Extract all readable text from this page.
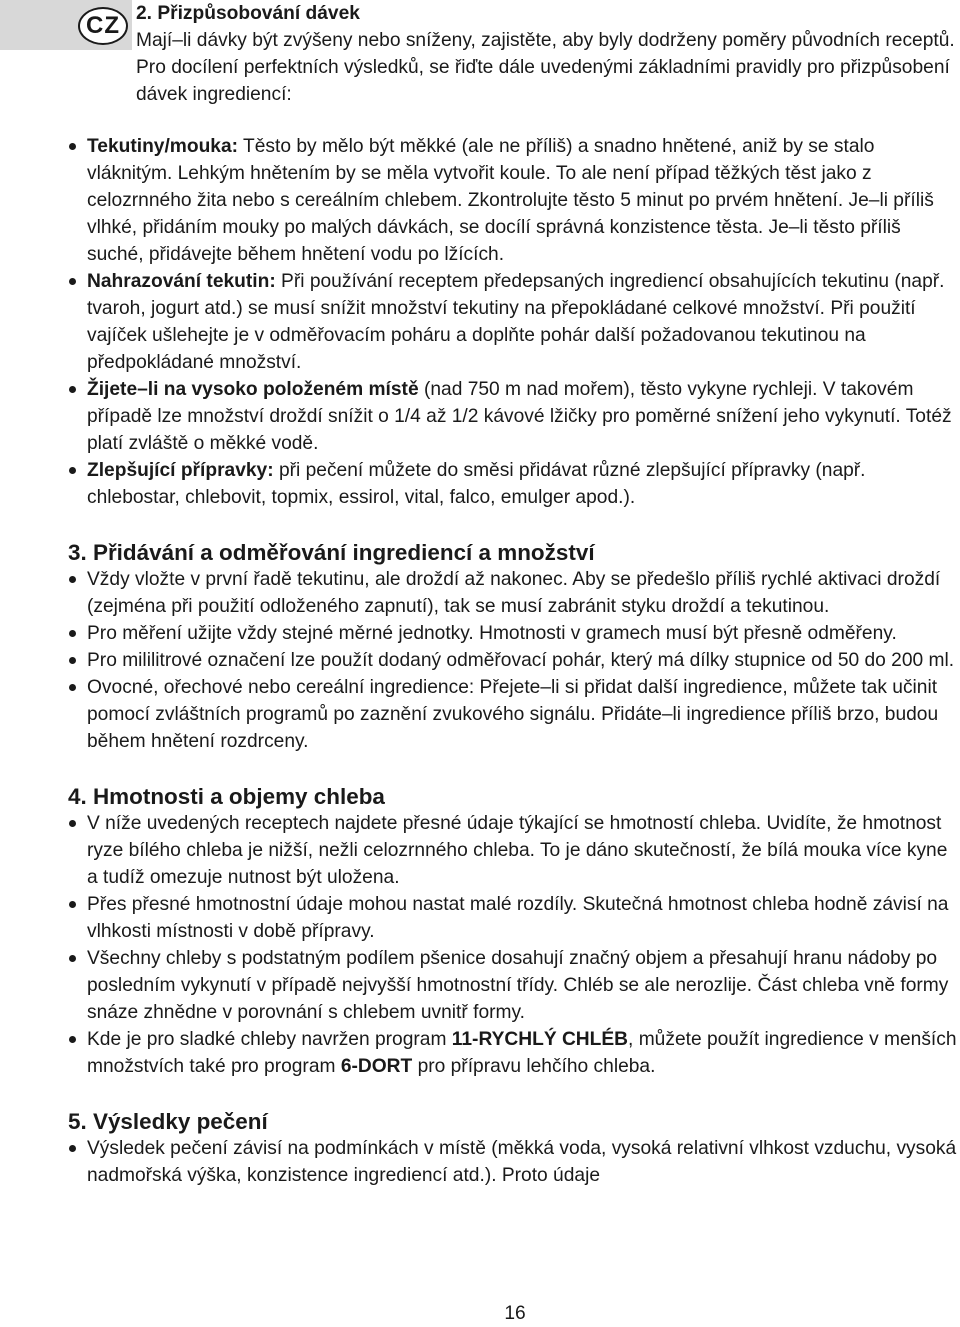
CZ 2. Přizpůsobování dávek

Mají–li dávky být zvýšeny nebo sníženy, zajistěte, aby byly dodrženy poměry původních receptů. Pro docílení perfektních výsledků, se řiďte dále uvedenými základními pravidly pro přizpůsobení dávek ingrediencí:

Tekutiny/mouka: Těsto by mělo být měkké (ale ne příliš) a snadno hnětené, aniž by se stalo vláknitým. Lehkým hnětením by se měla vytvořit koule. To ale není případ těžkých těst jako z celozrnného žita nebo s cereálním chlebem. Zkontrolujte těsto 5 minut po prvém hnětení. Je–li příliš vlhké, přidáním mouky po malých dávkách, se docílí správná konzistence těsta. Je–li těsto příliš suché, přidávejte během hnětení vodu po lžících.
Nahrazování tekutin: Při používání receptem předepsaných ingrediencí obsahujících tekutinu (např. tvaroh, jogurt atd.) se musí snížit množství tekutiny na přepokládané celkové množství. Při použití vajíček ušlehejte je v odměřovacím poháru a doplňte pohár další požadovanou tekutinou na předpokládané množství.
Žijete–li na vysoko položeném místě (nad 750 m nad mořem), těsto vykyne rychleji. V takovém případě lze množství droždí snížit o 1/4 až 1/2 kávové lžičky pro poměrné snížení jeho vykynutí. Totéž platí zvláště o měkké vodě.
Zlepšující přípravky: při pečení můžete do směsi přidávat různé zlepšující přípravky (např. chlebostar, chlebovit, topmix, essirol, vital, falco, emulger apod.).
3. Přidávání a odměřování ingrediencí a množství
Vždy vložte v první řadě tekutinu, ale droždí až nakonec. Aby se předešlo příliš rychlé aktivaci droždí (zejména při použití odloženého zapnutí), tak se musí zabránit styku droždí a tekutinou.
Pro měření užijte vždy stejné měrné jednotky. Hmotnosti v gramech musí být přesně odměřeny.
Pro mililitrové označení lze použít dodaný odměřovací pohár, který má dílky stupnice od 50 do 200 ml.
Ovocné, ořechové nebo cereální ingredience: Přejete–li si přidat další ingredience, můžete tak učinit pomocí zvláštních programů po zaznění zvukového signálu. Přidáte–li ingredience příliš brzo, budou během hnětení rozdrceny.
4. Hmotnosti a objemy chleba
V níže uvedených receptech najdete přesné údaje týkající se hmotností chleba. Uvidíte, že hmotnost ryze bílého chleba je nižší, nežli celozrnného chleba. To je dáno skutečností, že bílá mouka více kyne a tudíž omezuje nutnost být uložena.
Přes přesné hmotnostní údaje mohou nastat malé rozdíly. Skutečná hmotnost chleba hodně závisí na vlhkosti místnosti v době přípravy.
Všechny chleby s podstatným podílem pšenice dosahují značný objem a přesahují hranu nádoby po posledním vykynutí v případě nejvyšší hmotnostní třídy. Chléb se ale nerozlije. Část chleba vně formy snáze zhnědne v porovnání s chlebem uvnitř formy.
Kde je pro sladké chleby navržen program 11-RYCHLÝ CHLÉB, můžete použít ingredience v menších množstvích také pro program 6-DORT pro přípravu lehčího chleba.
5. Výsledky pečení
Výsledek pečení závisí na podmínkách v místě (měkká voda, vysoká relativní vlhkost vzduchu, vysoká nadmořská výška, konzistence ingrediencí atd.). Proto údaje
16
